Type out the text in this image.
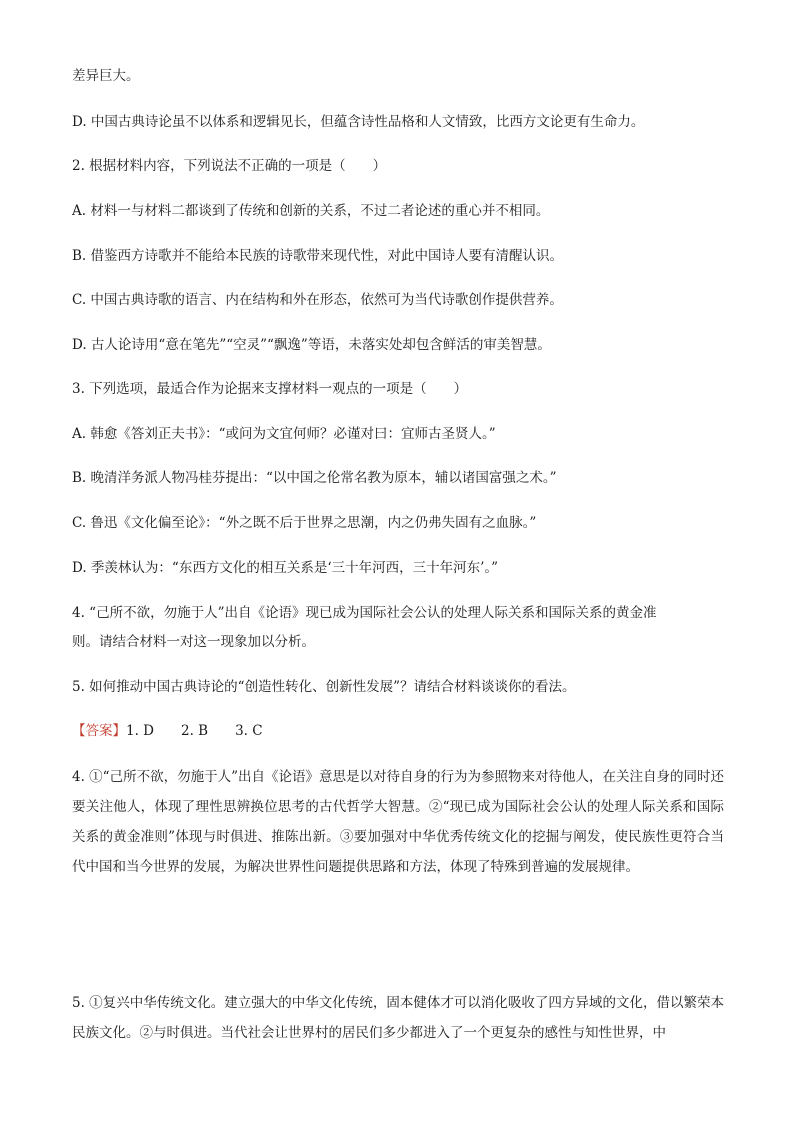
差异巨大。
D. 中国古典诗论虽不以体系和逻辑见长，但蕴含诗性品格和人文情致，比西方文论更有生命力。
2. 根据材料内容，下列说法不正确的一项是（　　）
A. 材料一与材料二都谈到了传统和创新的关系，不过二者论述的重心并不相同。
B. 借鉴西方诗歌并不能给本民族的诗歌带来现代性，对此中国诗人要有清醒认识。
C. 中国古典诗歌的语言、内在结构和外在形态，依然可为当代诗歌创作提供营养。
D. 古人论诗用“意在笔先”“空灵”“飘逸”等语，未落实处却包含鲜活的审美智慧。
3. 下列选项，最适合作为论据来支撑材料一观点的一项是（　　）
A. 韩愈《答刘正夫书》：“或问为文宜何师？必谨对曰：宜师古圣贤人。”
B. 晚清洋务派人物冯桂芬提出：“以中国之伦常名教为原本，辅以诸国富强之术。”
C. 鲁迅《文化偏至论》：“外之既不后于世界之思潮，内之仍弗失固有之血脉。”
D. 季羡林认为：“东西方文化的相互关系是‘三十年河西，三十年河东’。”
4. “己所不欲，勿施于人”出自《论语》现已成为国际社会公认的处理人际关系和国际关系的黄金准
则。请结合材料一对这一现象加以分析。
5. 如何推动中国古典诗论的“创造性转化、创新性发展”？请结合材料谈谈你的看法。
【答案】1. D　　2. B　　3. C
4. ①“己所不欲，勿施于人”出自《论语》意思是以对待自身的行为为参照物来对待他人，在关注自身的同时还要关注他人，体现了理性思辨换位思考的古代哲学大智慧。②“现已成为国际社会公认的处理人际关系和国际关系的黄金准则”体现与时俱进、推陈出新。③要加强对中华优秀传统文化的挖掘与阐发，使民族性更符合当代中国和当今世界的发展，为解决世界性问题提供思路和方法，体现了特殊到普遍的发展规律。
5. ①复兴中华传统文化。建立强大的中华文化传统，固本健体才可以消化吸收了四方异域的文化，借以繁荣本民族文化。②与时俱进。当代社会让世界村的居民们多少都进入了一个更复杂的感性与知性世界，中
